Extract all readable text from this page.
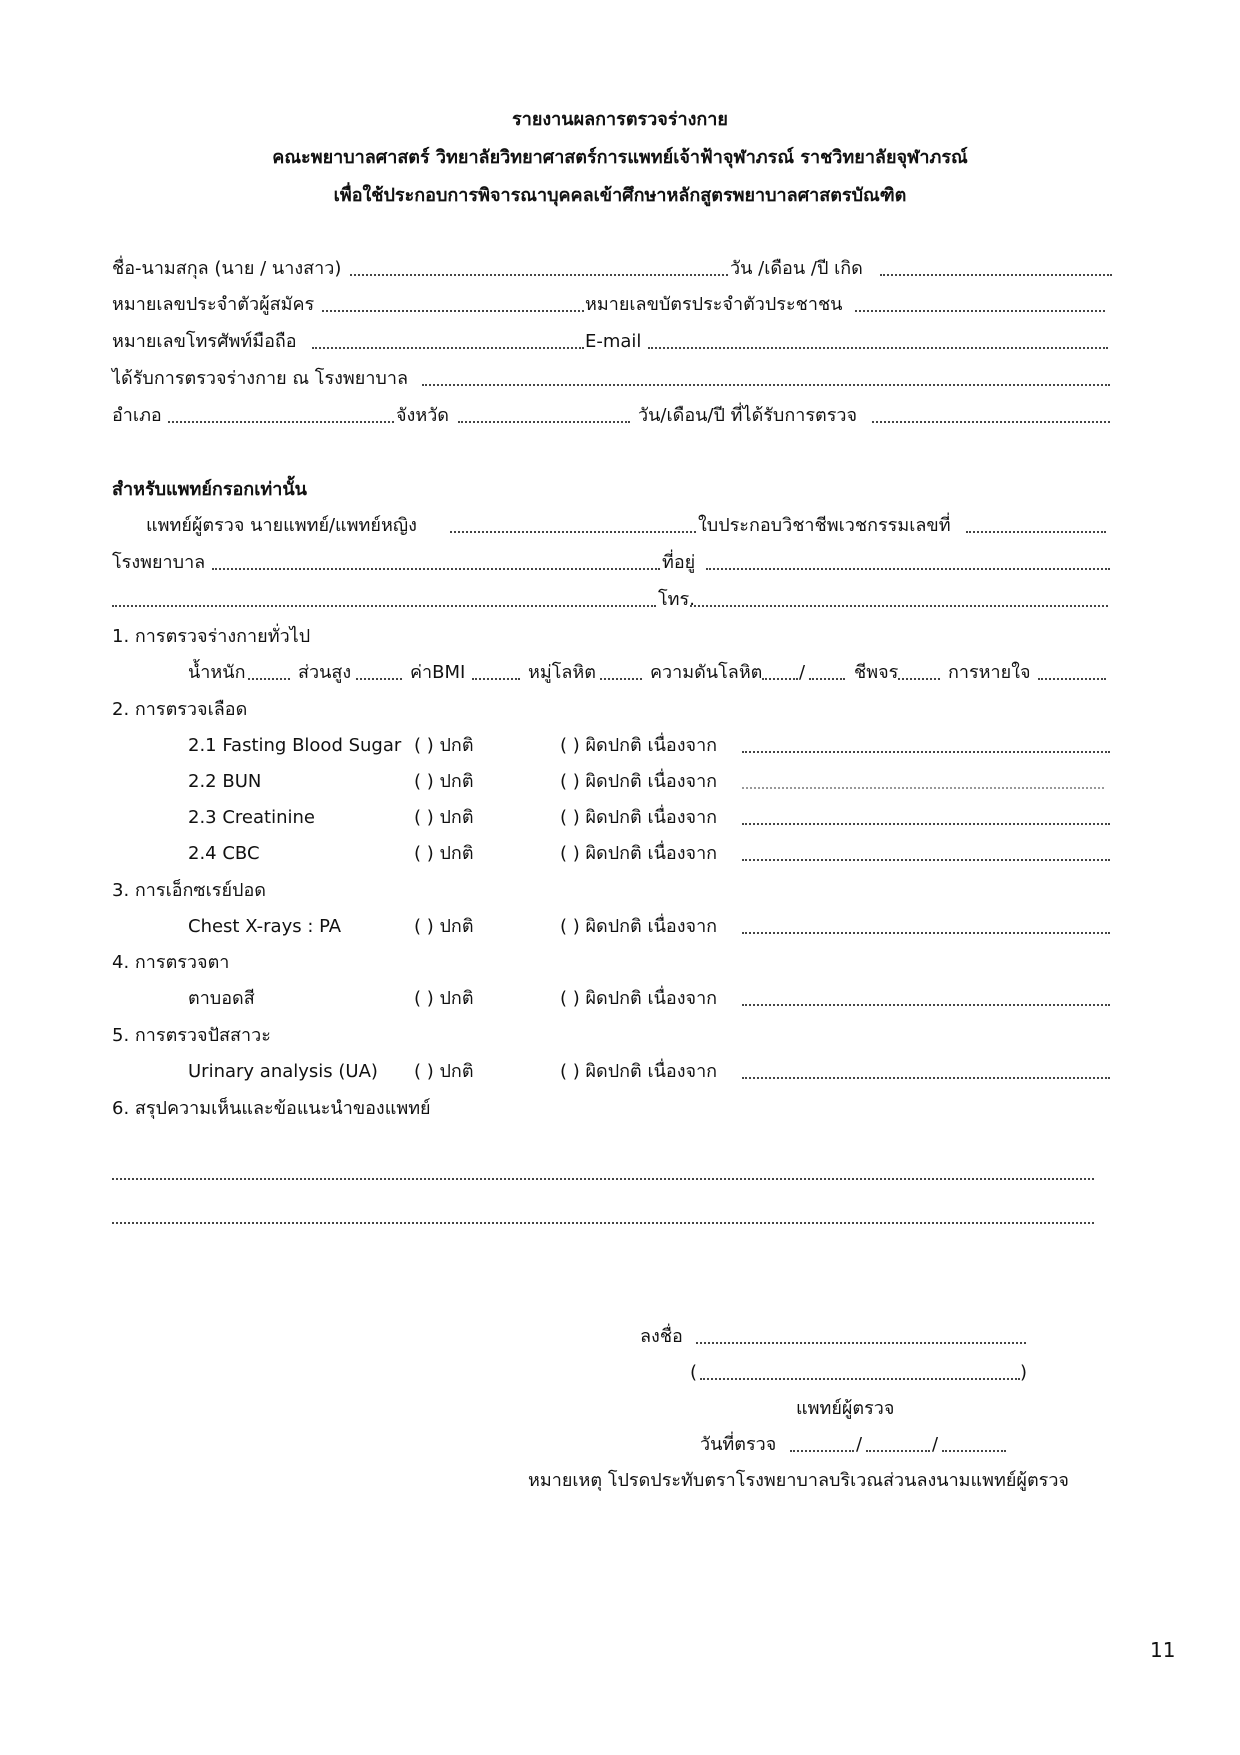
รายงานผลการตรวจร่างกาย
คณะพยาบาลศาสตร์ วิทยาลัยวิทยาศาสตร์การแพทย์เจ้าฟ้าจุฬาภรณ์ ราชวิทยาลัยจุฬาภรณ์
เพื่อใช้ประกอบการพิจารณาบุคคลเข้าศึกษาหลักสูตรพยาบาลศาสตรบัณฑิต
ชื่อ-นามสกุล (นาย / นางสาว)	วัน /เดือน /ปี เกิด
หมายเลขประจำตัวผู้สมัคร	หมายเลขบัตรประจำตัวประชาชน
หมายเลขโทรศัพท์มือถือ	E-mail
ได้รับการตรวจร่างกาย ณ โรงพยาบาล
อำเภอ	จังหวัด	วัน/เดือน/ปี ที่ได้รับการตรวจ
สำหรับแพทย์กรอกเท่านั้น
แพทย์ผู้ตรวจ นายแพทย์/แพทย์หญิง	ใบประกอบวิชาชีพเวชกรรมเลขที่
โรงพยาบาล	ที่อยู่
โทร.
1. การตรวจร่างกายทั่วไป
น้ำหนัก	ส่วนสูง	ค่าBMI	หมู่โลหิต	ความดันโลหิต /	ชีพจร	การหายใจ
2. การตรวจเลือด
2.1 Fasting Blood Sugar ( ) ปกติ	( ) ผิดปกติ เนื่องจาก
2.2 BUN	( ) ปกติ	( ) ผิดปกติ เนื่องจาก
2.3 Creatinine	( ) ปกติ	( ) ผิดปกติ เนื่องจาก
2.4 CBC	( ) ปกติ	( ) ผิดปกติ เนื่องจาก
3. การเอ็กซเรย์ปอด
Chest X-rays : PA	( ) ปกติ	( ) ผิดปกติ เนื่องจาก
4. การตรวจตา
ตาบอดสี	( ) ปกติ	( ) ผิดปกติ เนื่องจาก
5. การตรวจปัสสาวะ
Urinary analysis (UA) ( ) ปกติ	( ) ผิดปกติ เนื่องจาก
6. สรุปความเห็นและข้อแนะนำของแพทย์
ลงชื่อ
(	)
แพทย์ผู้ตรวจ
วันที่ตรวจ	/	/
หมายเหตุ โปรดประทับตราโรงพยาบาลบริเวณส่วนลงนามแพทย์ผู้ตรวจ
11
